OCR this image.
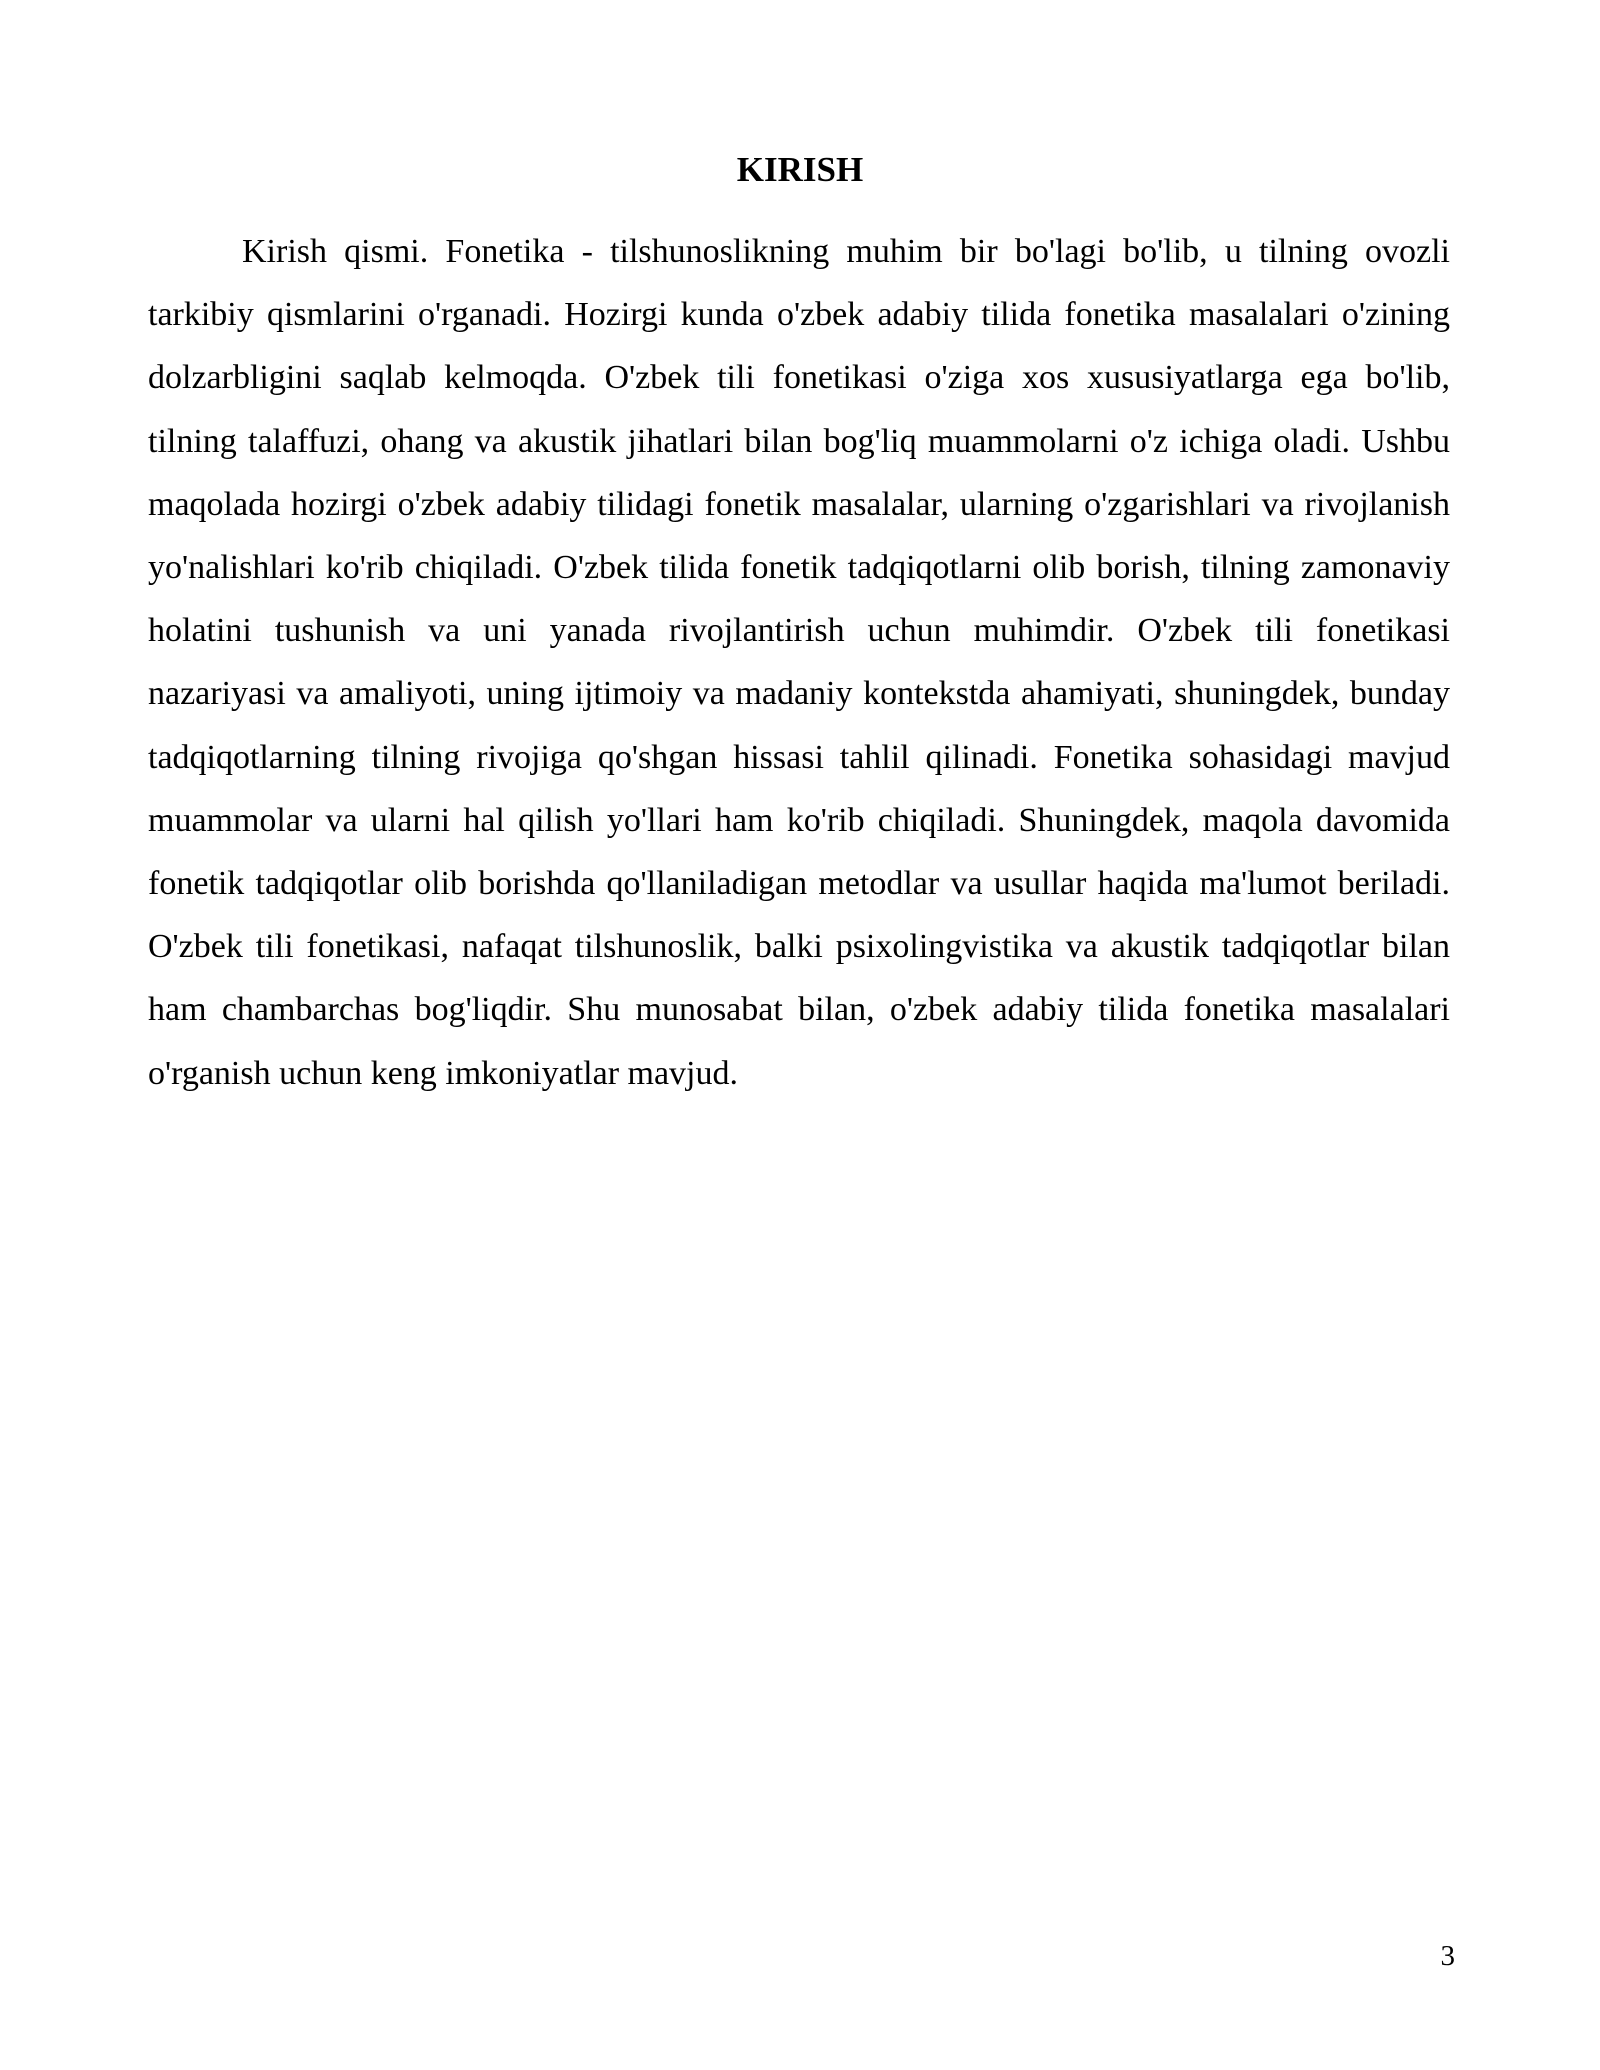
KIRISH

Kirish qismi. Fonetika - tilshunoslikning muhim bir bo'lagi bo'lib, u tilning ovozli tarkibiy qismlarini o'rganadi. Hozirgi kunda o'zbek adabiy tilida fonetika masalalari o'zining dolzarbligini saqlab kelmoqda. O'zbek tili fonetikasi o'ziga xos xususiyatlarga ega bo'lib, tilning talaffuzi, ohang va akustik jihatlari bilan bog'liq muammolarni o'z ichiga oladi. Ushbu maqolada hozirgi o'zbek adabiy tilidagi fonetik masalalar, ularning o'zgarishlari va rivojlanish yo'nalishlari ko'rib chiqiladi. O'zbek tilida fonetik tadqiqotlarni olib borish, tilning zamonaviy holatini tushunish va uni yanada rivojlantirish uchun muhimdir. O'zbek tili fonetikasi nazariyasi va amaliyoti, uning ijtimoiy va madaniy kontekstda ahamiyati, shuningdek, bunday tadqiqotlarning tilning rivojiga qo'shgan hissasi tahlil qilinadi. Fonetika sohasidagi mavjud muammolar va ularni hal qilish yo'llari ham ko'rib chiqiladi. Shuningdek, maqola davomida fonetik tadqiqotlar olib borishda qo'llaniladigan metodlar va usullar haqida ma'lumot beriladi. O'zbek tili fonetikasi, nafaqat tilshunoslik, balki psixolingvistika va akustik tadqiqotlar bilan ham chambarchas bog'liqdir. Shu munosabat bilan, o'zbek adabiy tilida fonetika masalalari o'rganish uchun keng imkoniyatlar mavjud.

3
